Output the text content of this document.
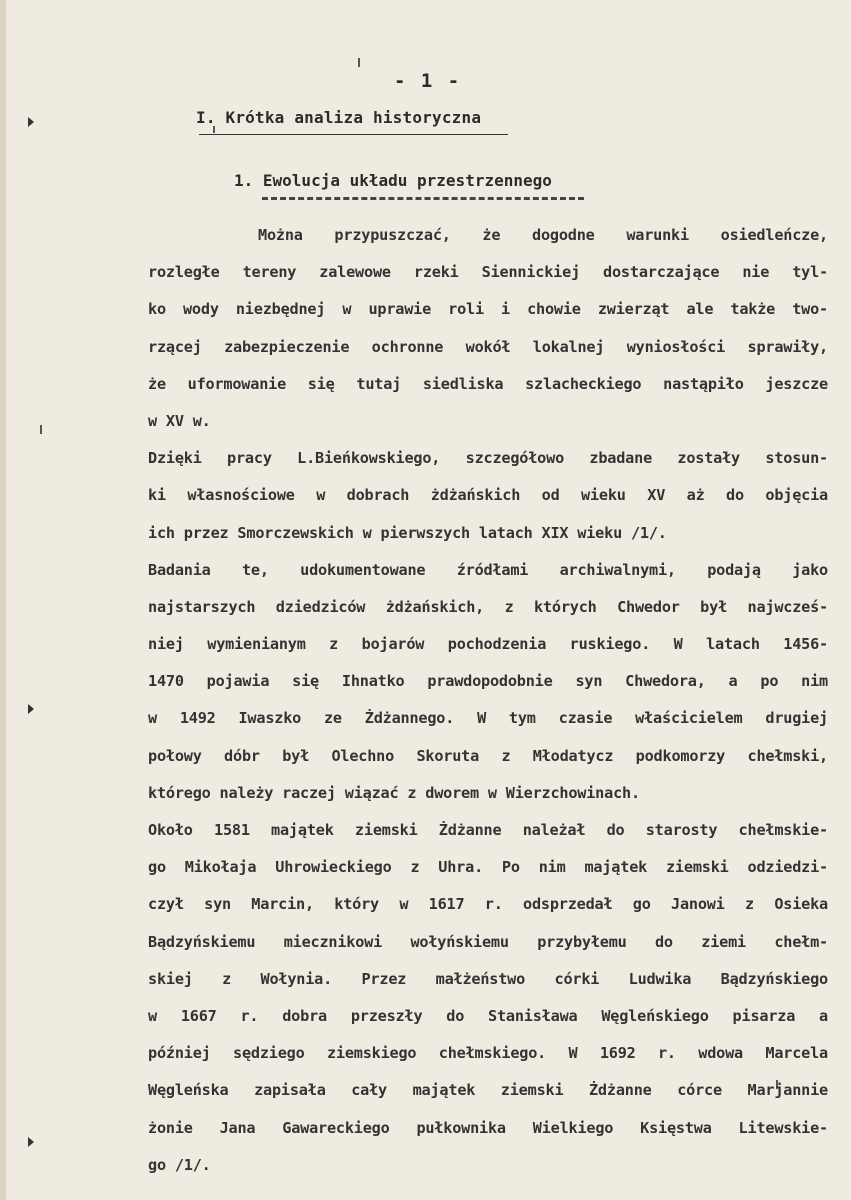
- 1 -
I. Krótka analiza historyczna
1. Ewolucja układu przestrzennego
Można przypuszczać, że dogodne warunki osiedleńcze,
rozległe tereny zalewowe rzeki Siennickiej dostarczające nie tyl-
ko wody niezbędnej w uprawie roli i chowie zwierząt ale także two-
rzącej zabezpieczenie ochronne wokół lokalnej wyniosłości sprawiły,
że uformowanie się tutaj siedliska szlacheckiego nastąpiło jeszcze
w XV w.
Dzięki pracy L.Bieńkowskiego, szczegółowo zbadane zostały stosun-
ki własnościowe w dobrach żdżańskich od wieku XV aż do objęcia
ich przez Smorczewskich w pierwszych latach XIX wieku /1/.
Badania te, udokumentowane źródłami archiwalnymi, podają jako
najstarszych dziedziców żdżańskich, z których Chwedor był najwcześ-
niej wymienianym z bojarów pochodzenia ruskiego. W latach 1456-
1470 pojawia się Ihnatko prawdopodobnie syn Chwedora, a po nim
w 1492 Iwaszko ze Żdżannego. W tym czasie właścicielem drugiej
połowy dóbr był Olechno Skoruta z Młodatycz podkomorzy chełmski,
którego należy raczej wiązać z dworem w Wierzchowinach.
Około 1581 majątek ziemski Żdżanne należał do starosty chełmskie-
go Mikołaja Uhrowieckiego z Uhra. Po nim majątek ziemski odziedzi-
czył syn Marcin, który w 1617 r. odsprzedał go Janowi z Osieka
Bądzyńskiemu miecznikowi wołyńskiemu przybyłemu do ziemi chełm-
skiej z Wołynia. Przez małżeństwo córki Ludwika Bądzyńskiego
w 1667 r. dobra przeszły do Stanisława Węgleńskiego pisarza a
później sędziego ziemskiego chełmskiego. W 1692 r. wdowa Marcela
Węgleńska zapisała cały majątek ziemski Żdżanne córce Marjannie
żonie Jana Gawareckiego pułkownika Wielkiego Księstwa Litewskie-
go /1/.
